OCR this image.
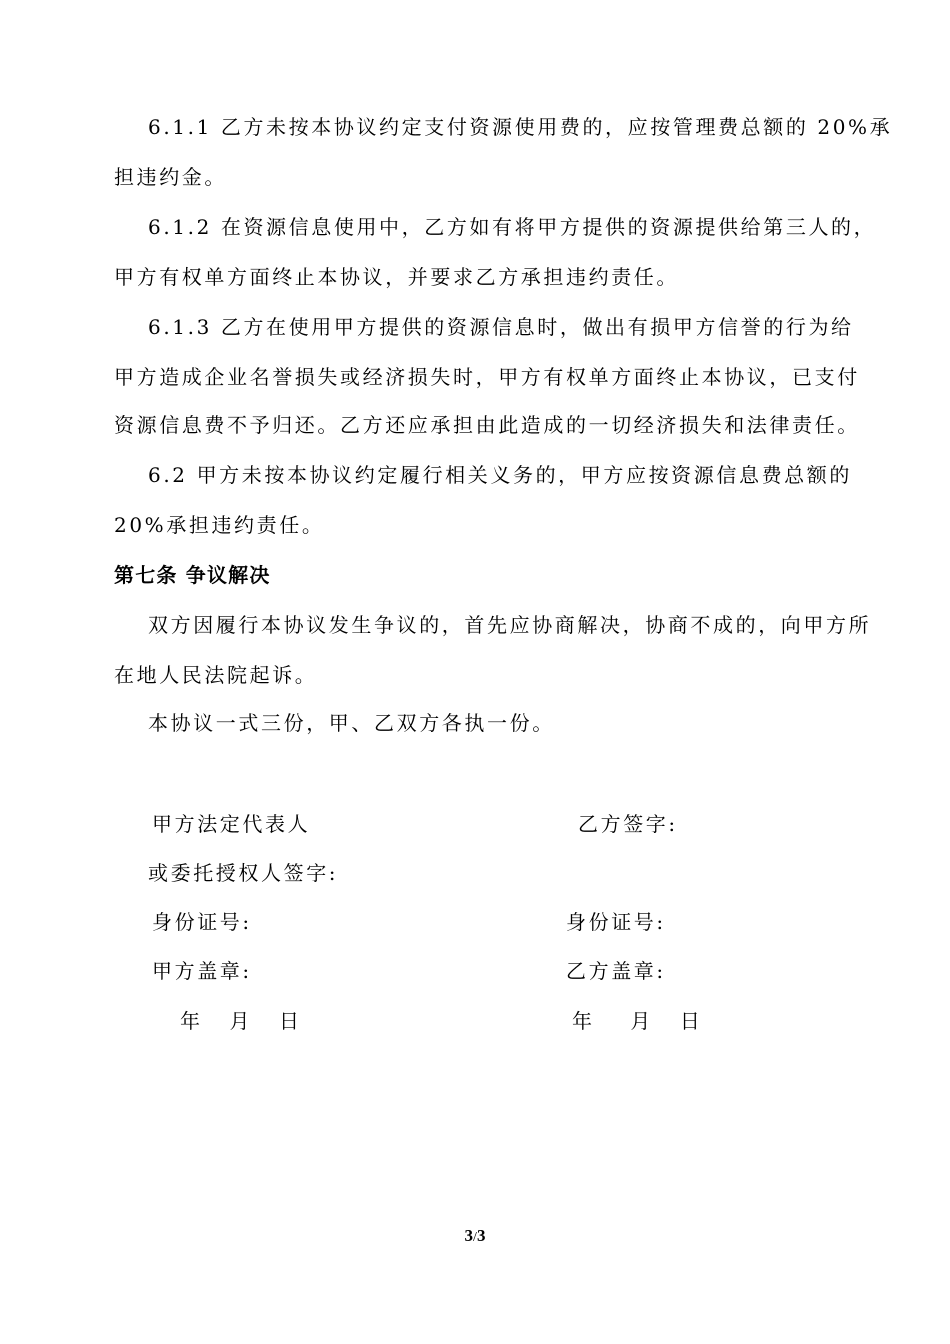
6.1.1 乙方未按本协议约定支付资源使用费的，应按管理费总额的 20%承
担违约金。
6.1.2 在资源信息使用中，乙方如有将甲方提供的资源提供给第三人的，
甲方有权单方面终止本协议，并要求乙方承担违约责任。
6.1.3 乙方在使用甲方提供的资源信息时，做出有损甲方信誉的行为给
甲方造成企业名誉损失或经济损失时，甲方有权单方面终止本协议，已支付
资源信息费不予归还。乙方还应承担由此造成的一切经济损失和法律责任。
6.2 甲方未按本协议约定履行相关义务的，甲方应按资源信息费总额的
20%承担违约责任。
第七条 争议解决
双方因履行本协议发生争议的，首先应协商解决，协商不成的，向甲方所
在地人民法院起诉。
本协议一式三份，甲、乙双方各执一份。
甲方法定代表人	乙方签字:
或委托授权人签字:
身份证号:	身份证号:
甲方盖章:	乙方盖章:
年   月   日	年    月   日
3/3
